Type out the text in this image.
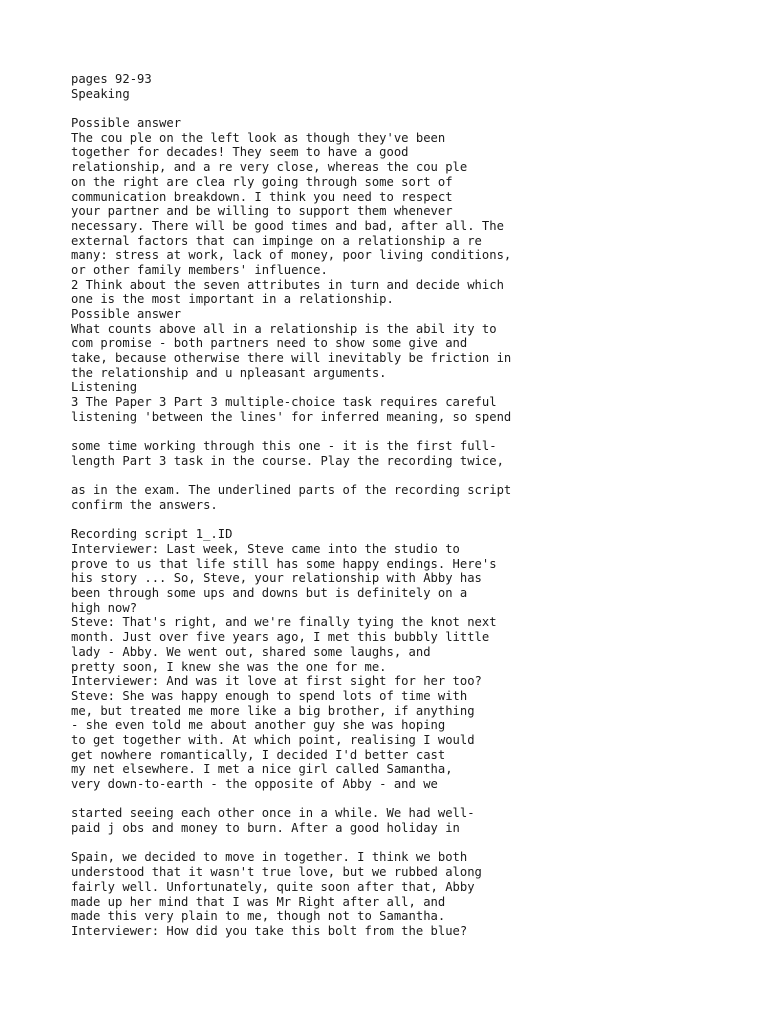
pages 92-93
Speaking
Possible answer
The cou ple on the left look as though they've been
together for decades! They seem to have a good
relationship, and a re very close, whereas the cou ple
on the right are clea rly going through some sort of
communication breakdown. I think you need to respect
your partner and be willing to support them whenever
necessary. There will be good times and bad, after all. The
external factors that can impinge on a relationship a re
many: stress at work, lack of money, poor living conditions,
or other family members' influence.
2 Think about the seven attributes in turn and decide which
one is the most important in a relationship.
Possible answer
What counts above all in a relationship is the abil ity to
com promise - both partners need to show some give and
take, because otherwise there will inevitably be friction in
the relationship and u npleasant arguments.
Listening
3 The Paper 3 Part 3 multiple-choice task requires careful
listening 'between the lines' for inferred meaning, so spend
some time working through this one - it is the first full-
length Part 3 task in the course. Play the recording twice,
as in the exam. The underlined parts of the recording script
confirm the answers.
Recording script 1_.ID
Interviewer: Last week, Steve came into the studio to
prove to us that life still has some happy endings. Here's
his story ... So, Steve, your relationship with Abby has
been through some ups and downs but is definitely on a
high now?
Steve: That's right, and we're finally tying the knot next
month. Just over five years ago, I met this bubbly little
lady - Abby. We went out, shared some laughs, and
pretty soon, I knew she was the one for me.
Interviewer: And was it love at first sight for her too?
Steve: She was happy enough to spend lots of time with
me, but treated me more like a big brother, if anything
- she even told me about another guy she was hoping
to get together with. At which point, realising I would
get nowhere romantically, I decided I'd better cast
my net elsewhere. I met a nice girl called Samantha,
very down-to-earth - the opposite of Abby - and we
started seeing each other once in a while. We had well-
paid j obs and money to burn. After a good holiday in
Spain, we decided to move in together. I think we both
understood that it wasn't true love, but we rubbed along
fairly well. Unfortunately, quite soon after that, Abby
made up her mind that I was Mr Right after all, and
made this very plain to me, though not to Samantha.
Interviewer: How did you take this bolt from the blue?
